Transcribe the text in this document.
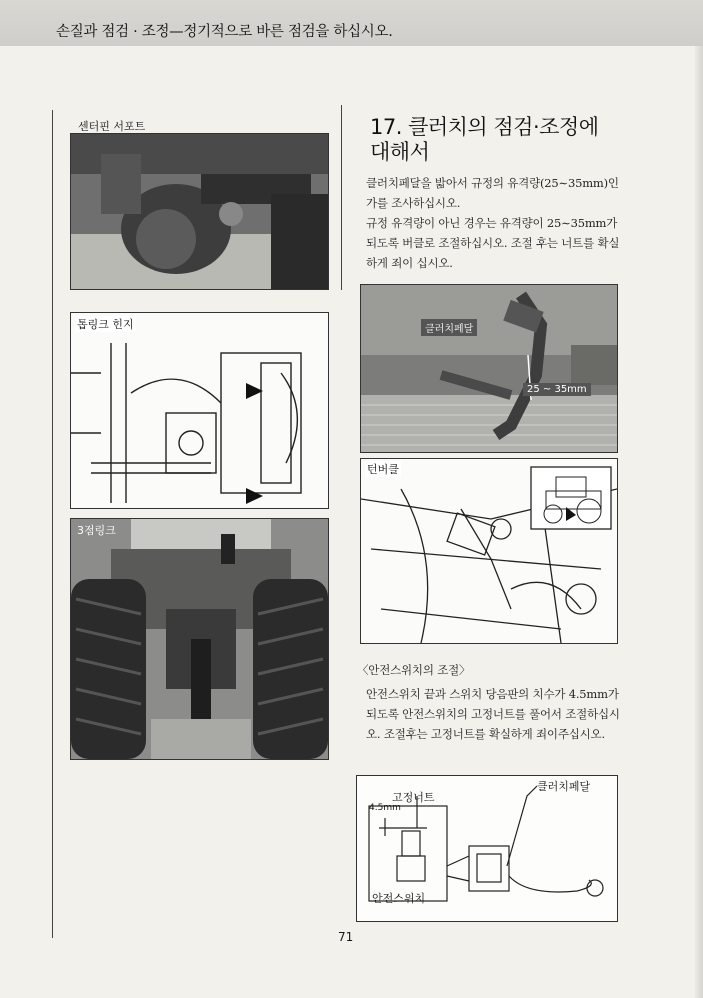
손질과 점검 · 조정—정기적으로 바른 점검을 하십시오.
센터핀 서포트
톱링크 힌지
3점링크
17. 클러치의 점검·조정에 대해서
클러치페달을 밟아서 규정의 유격량(25∼35mm)인가를 조사하십시오.
규정 유격량이 아닌 경우는 유격량이 25∼35mm가 되도록 버클로 조절하십시오. 조절 후는 너트를 확실하게 죄이 십시오.
클러치페달
25 ~ 35mm
턴버클
〈안전스위치의 조절〉
안전스위치 끝과 스위치 당음판의 치수가 4.5mm가 되도록 안전스위치의 고정너트를 풀어서 조절하십시오. 조절후는 고정너트를 확실하게 죄이주십시오.
고정너트
4.5mm
안전스위치
클러치페달
71
